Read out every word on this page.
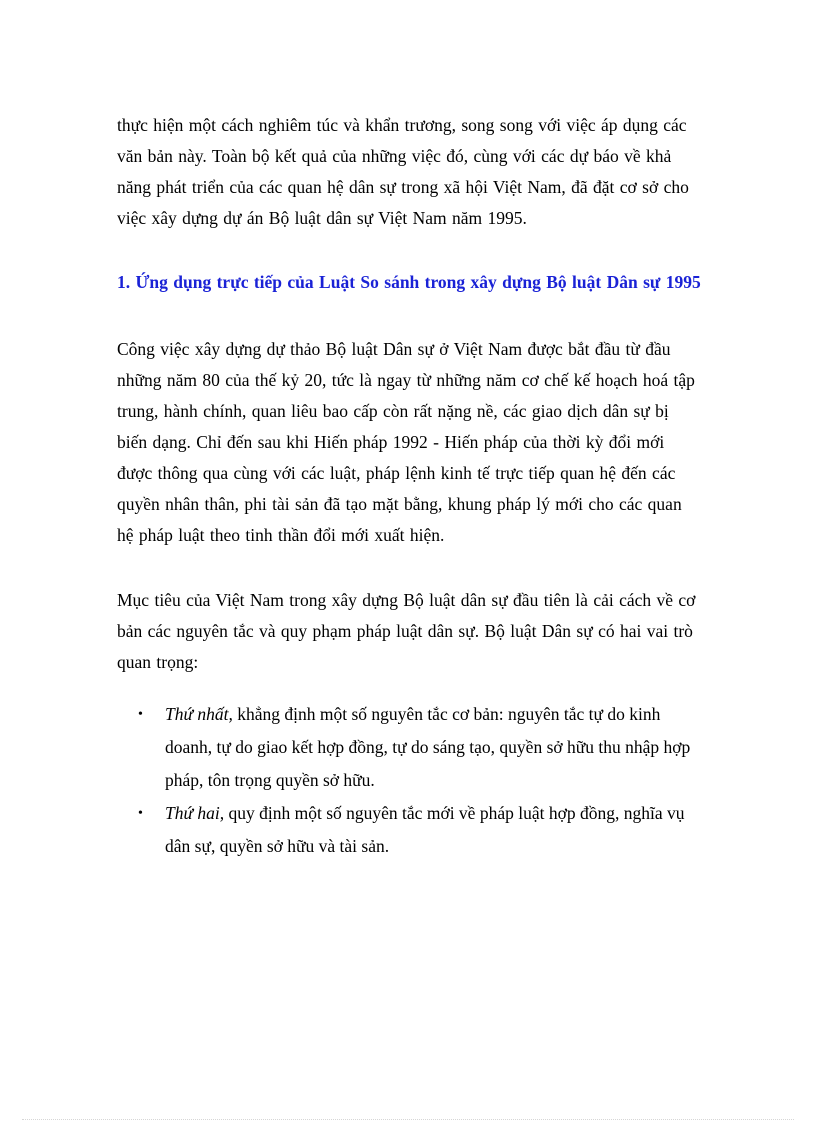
thực hiện một cách nghiêm túc và khẩn trương, song song với việc áp dụng các văn bản này. Toàn bộ kết quả của những việc đó, cùng với các dự báo về khả năng phát triển của các quan hệ dân sự trong xã hội Việt Nam, đã đặt cơ sở cho việc xây dựng dự án Bộ luật dân sự Việt Nam năm 1995.

1. Ứng dụng trực tiếp của Luật So sánh trong xây dựng Bộ luật Dân sự 1995

Công việc xây dựng dự thảo Bộ luật Dân sự ở Việt Nam được bắt đầu từ đầu những năm 80 của thế kỷ 20, tức là ngay từ những năm cơ chế kế hoạch hoá tập trung, hành chính, quan liêu bao cấp còn rất nặng nề, các giao dịch dân sự bị biến dạng. Chỉ đến sau khi Hiến pháp 1992 - Hiến pháp của thời kỳ đổi mới được thông qua cùng với các luật, pháp lệnh kinh tế trực tiếp quan hệ đến các quyền nhân thân, phi tài sản đã tạo mặt bằng, khung pháp lý mới cho các quan hệ pháp luật theo tinh thần đổi mới xuất hiện.

Mục tiêu của Việt Nam trong xây dựng Bộ luật dân sự đầu tiên là cải cách về cơ bản các nguyên tắc và quy phạm pháp luật dân sự. Bộ luật Dân sự có hai vai trò quan trọng:

• Thứ nhất, khẳng định một số nguyên tắc cơ bản: nguyên tắc tự do kinh doanh, tự do giao kết hợp đồng, tự do sáng tạo, quyền sở hữu thu nhập hợp pháp, tôn trọng quyền sở hữu.
• Thứ hai, quy định một số nguyên tắc mới về pháp luật hợp đồng, nghĩa vụ dân sự, quyền sở hữu và tài sản.
